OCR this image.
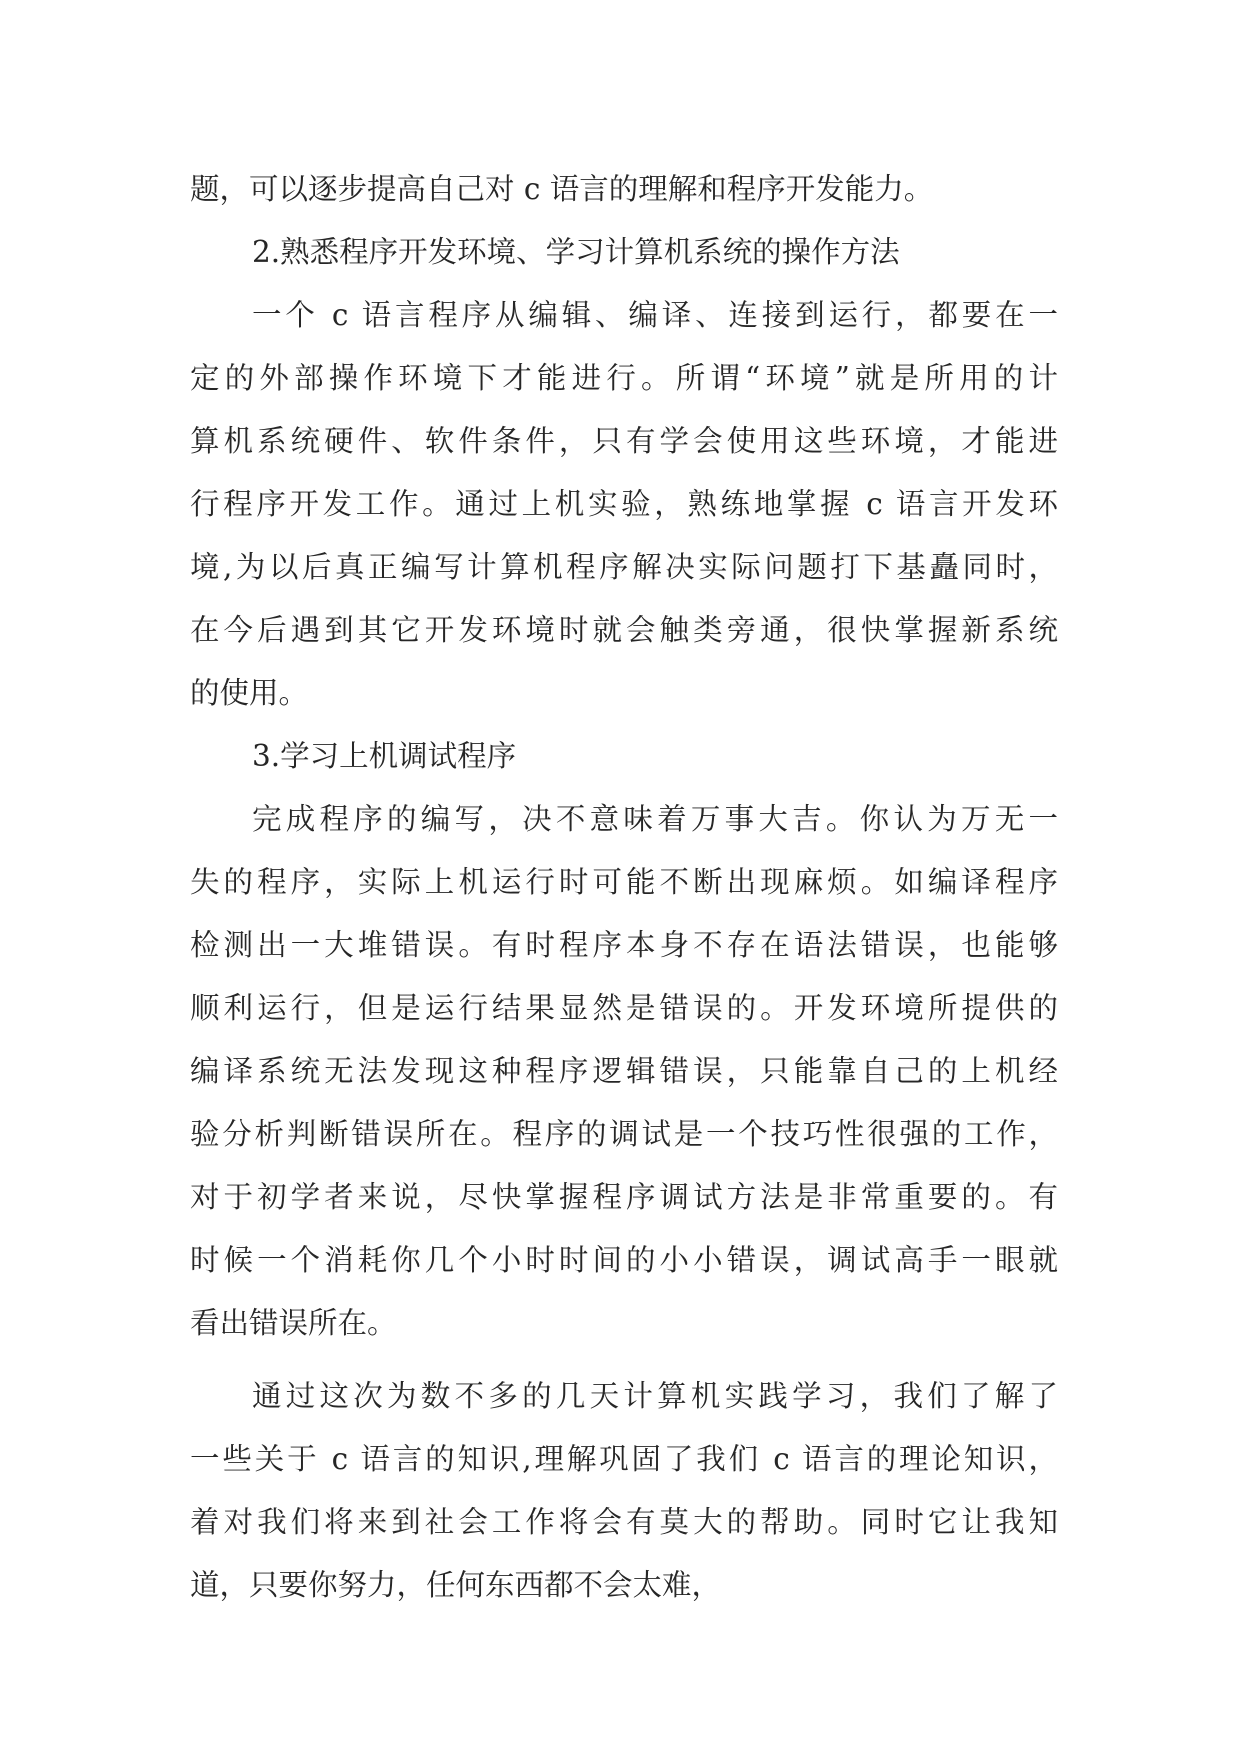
题，可以逐步提高自己对 c 语言的理解和程序开发能力。
2.熟悉程序开发环境、学习计算机系统的操作方法
一个 c 语言程序从编辑、编译、连接到运行，都要在一
定的外部操作环境下才能进行。所谓“环境”就是所用的计
算机系统硬件、软件条件，只有学会使用这些环境，才能进
行程序开发工作。通过上机实验，熟练地掌握 c 语言开发环
境,为以后真正编写计算机程序解决实际问题打下基矗同时，
在今后遇到其它开发环境时就会触类旁通，很快掌握新系统
的使用。
3.学习上机调试程序
完成程序的编写，决不意味着万事大吉。你认为万无一
失的程序，实际上机运行时可能不断出现麻烦。如编译程序
检测出一大堆错误。有时程序本身不存在语法错误，也能够
顺利运行，但是运行结果显然是错误的。开发环境所提供的
编译系统无法发现这种程序逻辑错误，只能靠自己的上机经
验分析判断错误所在。程序的调试是一个技巧性很强的工作，
对于初学者来说，尽快掌握程序调试方法是非常重要的。有
时候一个消耗你几个小时时间的小小错误，调试高手一眼就
看出错误所在。
通过这次为数不多的几天计算机实践学习，我们了解了
一些关于 c 语言的知识,理解巩固了我们 c 语言的理论知识，
着对我们将来到社会工作将会有莫大的帮助。同时它让我知
道，只要你努力，任何东西都不会太难，
